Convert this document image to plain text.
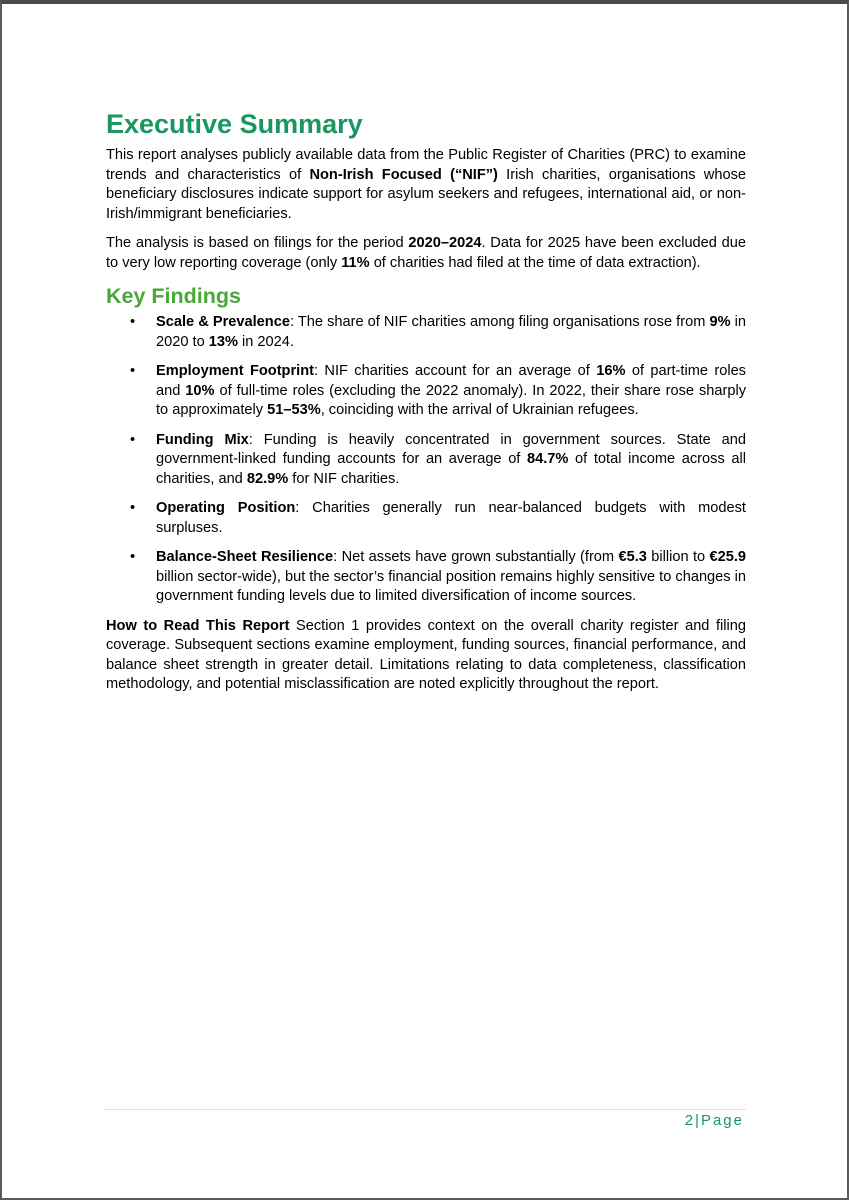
Executive Summary

This report analyses publicly available data from the Public Register of Charities (PRC) to examine trends and characteristics of Non-Irish Focused (“NIF”) Irish charities, organisations whose beneficiary disclosures indicate support for asylum seekers and refugees, international aid, or non-Irish/immigrant beneficiaries.

The analysis is based on filings for the period 2020–2024. Data for 2025 have been excluded due to very low reporting coverage (only 11% of charities had filed at the time of data extraction).

Key Findings
• Scale & Prevalence: The share of NIF charities among filing organisations rose from 9% in 2020 to 13% in 2024.
• Employment Footprint: NIF charities account for an average of 16% of part-time roles and 10% of full-time roles (excluding the 2022 anomaly). In 2022, their share rose sharply to approximately 51–53%, coinciding with the arrival of Ukrainian refugees.
• Funding Mix: Funding is heavily concentrated in government sources. State and government-linked funding accounts for an average of 84.7% of total income across all charities, and 82.9% for NIF charities.
• Operating Position: Charities generally run near-balanced budgets with modest surpluses.
• Balance-Sheet Resilience: Net assets have grown substantially (from €5.3 billion to €25.9 billion sector-wide), but the sector’s financial position remains highly sensitive to changes in government funding levels due to limited diversification of income sources.

How to Read This Report Section 1 provides context on the overall charity register and filing coverage. Subsequent sections examine employment, funding sources, financial performance, and balance sheet strength in greater detail. Limitations relating to data completeness, classification methodology, and potential misclassification are noted explicitly throughout the report.

2|Page
